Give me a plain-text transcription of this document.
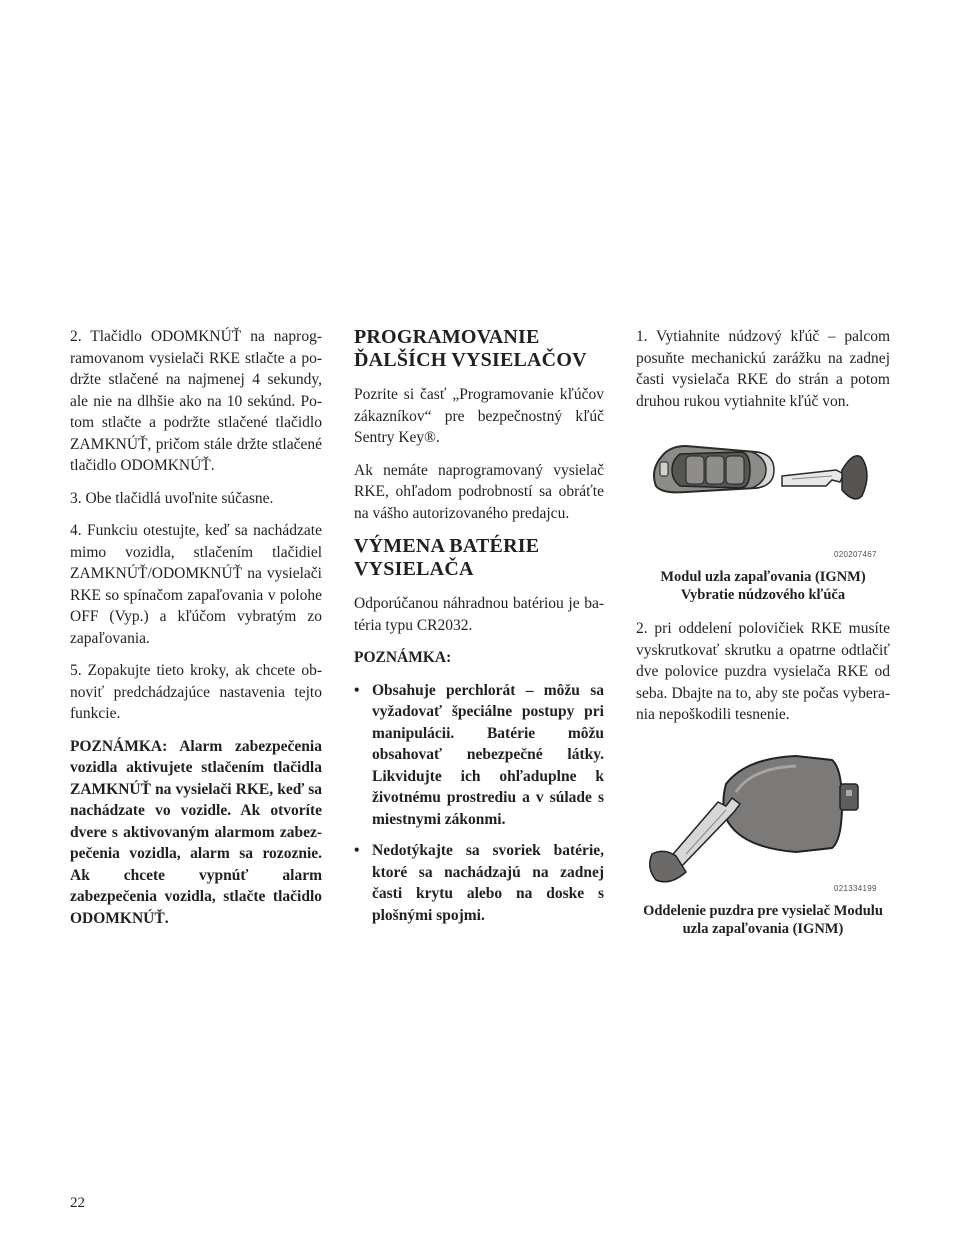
2. Tlačidlo ODOMKNÚŤ na naprogramovanom vysielači RKE stlačte a podržte stlačené na najmenej 4 sekundy, ale nie na dlhšie ako na 10 sekúnd. Potom stlačte a podržte stlačené tlačidlo ZAMKNÚŤ, pričom stále držte stlačené tlačidlo ODOMKNÚŤ.

3. Obe tlačidlá uvoľnite súčasne.

4. Funkciu otestujte, keď sa nachádzate mimo vozidla, stlačením tlačidiel ZAMKNÚŤ/ODOMKNÚŤ na vysielači RKE so spínačom zapaľovania v polohe OFF (Vyp.) a kľúčom vybratým zo zapaľovania.

5. Zopakujte tieto kroky, ak chcete obnoviť predchádzajúce nastavenia tejto funkcie.

POZNÁMKA: Alarm zabezpečenia vozidla aktivujete stlačením tlačidla ZAMKNÚŤ na vysielači RKE, keď sa nachádzate vo vozidle. Ak otvoríte dvere s aktivovaným alarmom zabezpečenia vozidla, alarm sa rozoznie. Ak chcete vypnúť alarm zabezpečenia vozidla, stlačte tlačidlo ODOMKNÚŤ.

PROGRAMOVANIE
ĎALŠÍCH VYSIELAČOV

Pozrite si časť „Programovanie kľúčov zákazníkov“ pre bezpečnostný kľúč Sentry Key®.

Ak nemáte naprogramovaný vysielač RKE, ohľadom podrobností sa obráťte na vášho autorizovaného predajcu.

VÝMENA BATÉRIE
VYSIELAČA

Odporúčanou náhradnou batériou je batéria typu CR2032.

POZNÁMKA:

• Obsahuje perchlorát – môžu sa vyžadovať špeciálne postupy pri manipulácii. Batérie môžu obsahovať nebezpečné látky. Likvidujte ich ohľaduplne k životnému prostrediu a v súlade s miestnymi zákonmi.
• Nedotýkajte sa svoriek batérie, ktoré sa nachádzajú na zadnej časti krytu alebo na doske s plošnými spojmi.

1. Vytiahnite núdzový kľúč – palcom posuňte mechanickú zarážku na zadnej časti vysielača RKE do strán a potom druhou rukou vytiahnite kľúč von.

020207467

Modul uzla zapaľovania (IGNM)
Vybratie núdzového kľúča

2. pri oddelení polovičiek RKE musíte vyskrutkovať skrutku a opatrne odtlačiť dve polovice puzdra vysielača RKE od seba. Dbajte na to, aby ste počas vyberania nepoškodili tesnenie.

021334199

Oddelenie puzdra pre vysielač Modulu
uzla zapaľovania (IGNM)

22
